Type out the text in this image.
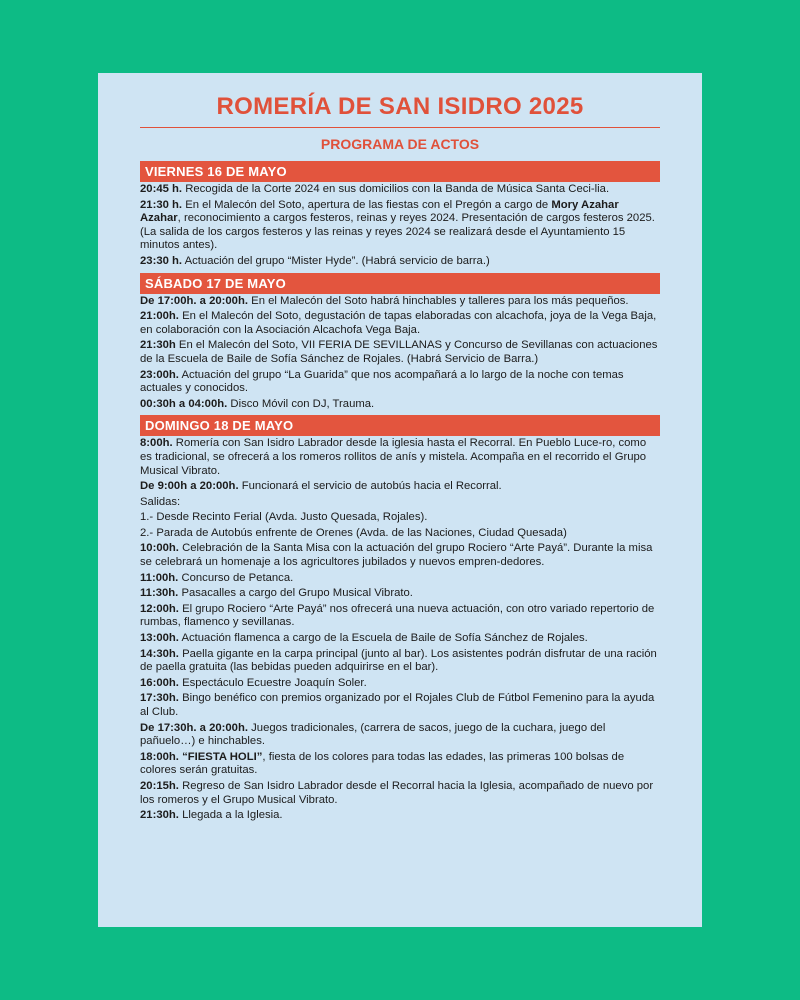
ROMERÍA DE SAN ISIDRO 2025
PROGRAMA DE ACTOS
VIERNES 16 DE MAYO
20:45 h. Recogida de la Corte 2024 en sus domicilios con la Banda de Música Santa Ceci-lia.
21:30 h. En el Malecón del Soto, apertura de las fiestas con el Pregón a cargo de Mory Azahar Azahar, reconocimiento a cargos festeros, reinas y reyes 2024. Presentación de cargos festeros 2025. (La salida de los cargos festeros y las reinas y reyes 2024 se realizará desde el Ayuntamiento 15 minutos antes).
23:30 h. Actuación del grupo “Mister Hyde”. (Habrá servicio de barra.)
SÁBADO 17 DE MAYO
De 17:00h. a 20:00h. En el Malecón del Soto habrá hinchables y talleres para los más pequeños.
21:00h. En el Malecón del Soto, degustación de tapas elaboradas con alcachofa, joya de la Vega Baja, en colaboración con la Asociación Alcachofa Vega Baja.
21:30h En el Malecón del Soto, VII FERIA DE SEVILLANAS y Concurso de Sevillanas con actuaciones de la Escuela de Baile de Sofía Sánchez de Rojales. (Habrá Servicio de Barra.)
23:00h. Actuación del grupo “La Guarida” que nos acompañará a lo largo de la noche con temas actuales y conocidos.
00:30h a 04:00h. Disco Móvil con DJ, Trauma.
DOMINGO 18 DE MAYO
8:00h. Romería con San Isidro Labrador desde la iglesia hasta el Recorral. En Pueblo Luce-ro, como es tradicional, se ofrecerá a los romeros rollitos de anís y mistela. Acompaña en el recorrido el Grupo Musical Vibrato.
De 9:00h a 20:00h. Funcionará el servicio de autobús hacia el Recorral.
Salidas:
1.- Desde Recinto Ferial (Avda. Justo Quesada, Rojales).
2.- Parada de Autobús enfrente de Orenes (Avda. de las Naciones, Ciudad Quesada)
10:00h. Celebración de la Santa Misa con la actuación del grupo Rociero “Arte Payá”. Durante la misa se celebrará un homenaje a los agricultores jubilados y nuevos empren-dedores.
11:00h. Concurso de Petanca.
11:30h. Pasacalles a cargo del Grupo Musical Vibrato.
12:00h. El grupo Rociero “Arte Payá” nos ofrecerá una nueva actuación, con otro variado repertorio de rumbas, flamenco y sevillanas.
13:00h. Actuación flamenca a cargo de la Escuela de Baile de Sofía Sánchez de Rojales.
14:30h. Paella gigante en la carpa principal (junto al bar). Los asistentes podrán disfrutar de una ración de paella gratuita (las bebidas pueden adquirirse en el bar).
16:00h. Espectáculo Ecuestre Joaquín Soler.
17:30h. Bingo benéfico con premios organizado por el Rojales Club de Fútbol Femenino para la ayuda al Club.
De 17:30h. a 20:00h. Juegos tradicionales, (carrera de sacos, juego de la cuchara, juego del pañuelo…) e hinchables.
18:00h. “FIESTA HOLI”, fiesta de los colores para todas las edades, las primeras 100 bolsas de colores serán gratuitas.
20:15h. Regreso de San Isidro Labrador desde el Recorral hacia la Iglesia, acompañado de nuevo por los romeros y el Grupo Musical Vibrato.
21:30h. Llegada a la Iglesia.
